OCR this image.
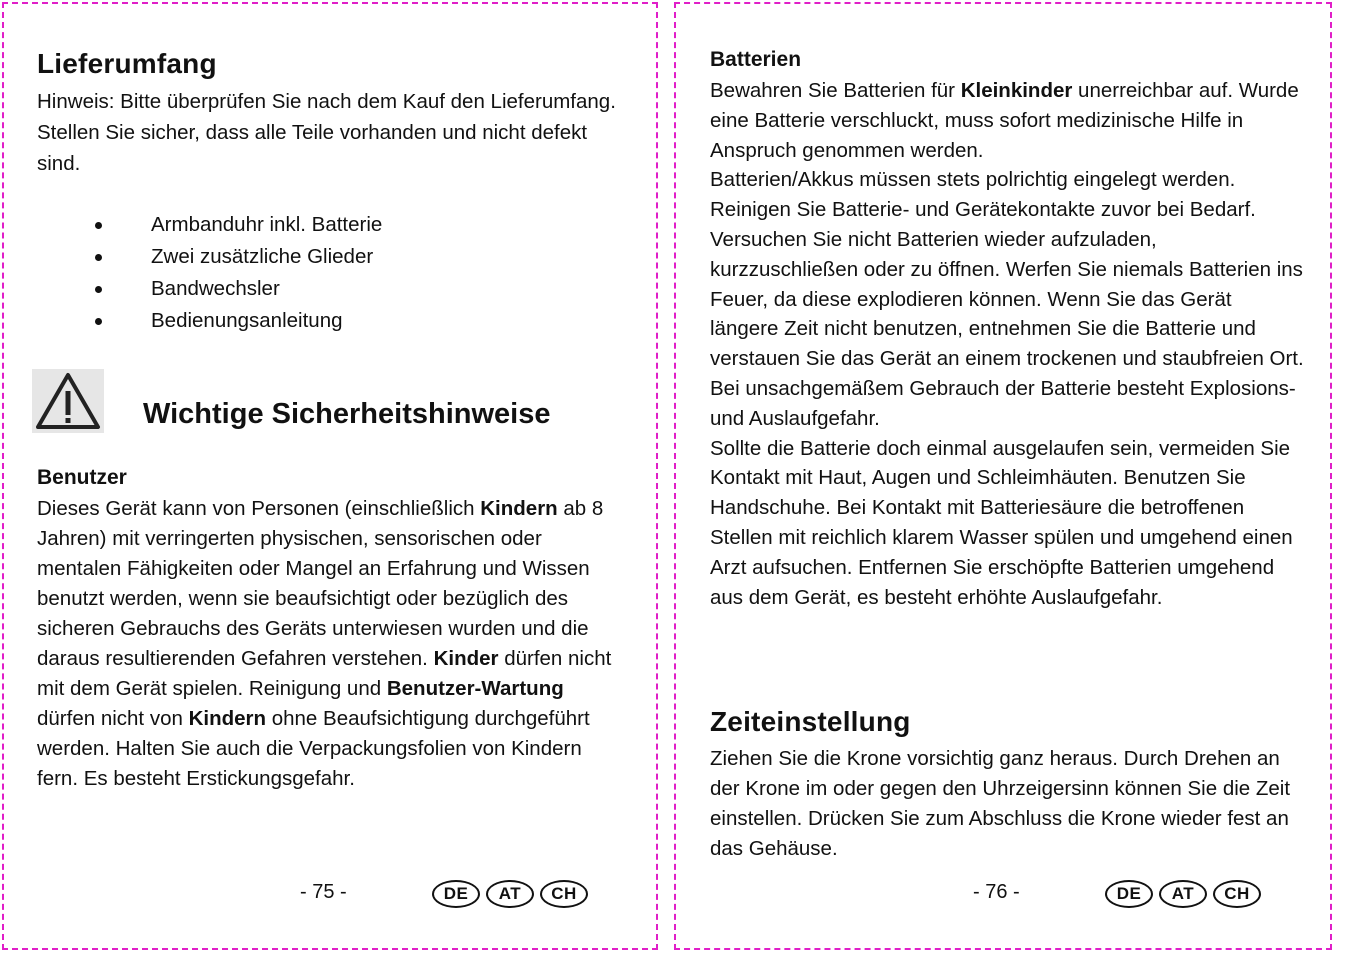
Lieferumfang

Hinweis: Bitte überprüfen Sie nach dem Kauf den Lieferumfang. Stellen Sie sicher, dass alle Teile vorhanden und nicht defekt sind.

Armbanduhr inkl. Batterie
Zwei zusätzliche Glieder
Bandwechsler
Bedienungsanleitung
Wichtige Sicherheitshinweise
Benutzer

Dieses Gerät kann von Personen (einschließlich Kindern ab 8 Jahren) mit verringerten physischen, sensorischen oder mentalen Fähigkeiten oder Mangel an Erfahrung und Wissen benutzt werden, wenn sie beaufsichtigt oder bezüglich des sicheren Gebrauchs des Geräts unterwiesen wurden und die daraus resultierenden Gefahren verstehen. Kinder dürfen nicht mit dem Gerät spielen. Reinigung und Benutzer-Wartung dürfen nicht von Kindern ohne Beaufsichtigung durchgeführt werden. Halten Sie auch die Verpackungsfolien von Kindern fern. Es besteht Erstickungsgefahr.

- 75 -	DE	AT	CH
Batterien

Bewahren Sie Batterien für Kleinkinder unerreichbar auf. Wurde eine Batterie verschluckt, muss sofort medizinische Hilfe in Anspruch genommen werden.

Batterien/Akkus müssen stets polrichtig eingelegt werden. Reinigen Sie Batterie- und Gerätekontakte zuvor bei Bedarf. Versuchen Sie nicht Batterien wieder aufzuladen, kurzzuschließen oder zu öffnen. Werfen Sie niemals Batterien ins Feuer, da diese explodieren können. Wenn Sie das Gerät längere Zeit nicht benutzen, entnehmen Sie die Batterie und verstauen Sie das Gerät an einem trockenen und staubfreien Ort. Bei unsachgemäßem Gebrauch der Batterie besteht Explosions- und Auslaufgefahr.

Sollte die Batterie doch einmal ausgelaufen sein, vermeiden Sie Kontakt mit Haut, Augen und Schleimhäuten. Benutzen Sie Handschuhe. Bei Kontakt mit Batteriesäure die betroffenen Stellen mit reichlich klarem Wasser spülen und umgehend einen Arzt aufsuchen. Entfernen Sie erschöpfte Batterien umgehend aus dem Gerät, es besteht erhöhte Auslaufgefahr.

Zeiteinstellung

Ziehen Sie die Krone vorsichtig ganz heraus. Durch Drehen an der Krone im oder gegen den Uhrzeigersinn können Sie die Zeit einstellen. Drücken Sie zum Abschluss die Krone wieder fest an das Gehäuse.

- 76 -	DE	AT	CH
